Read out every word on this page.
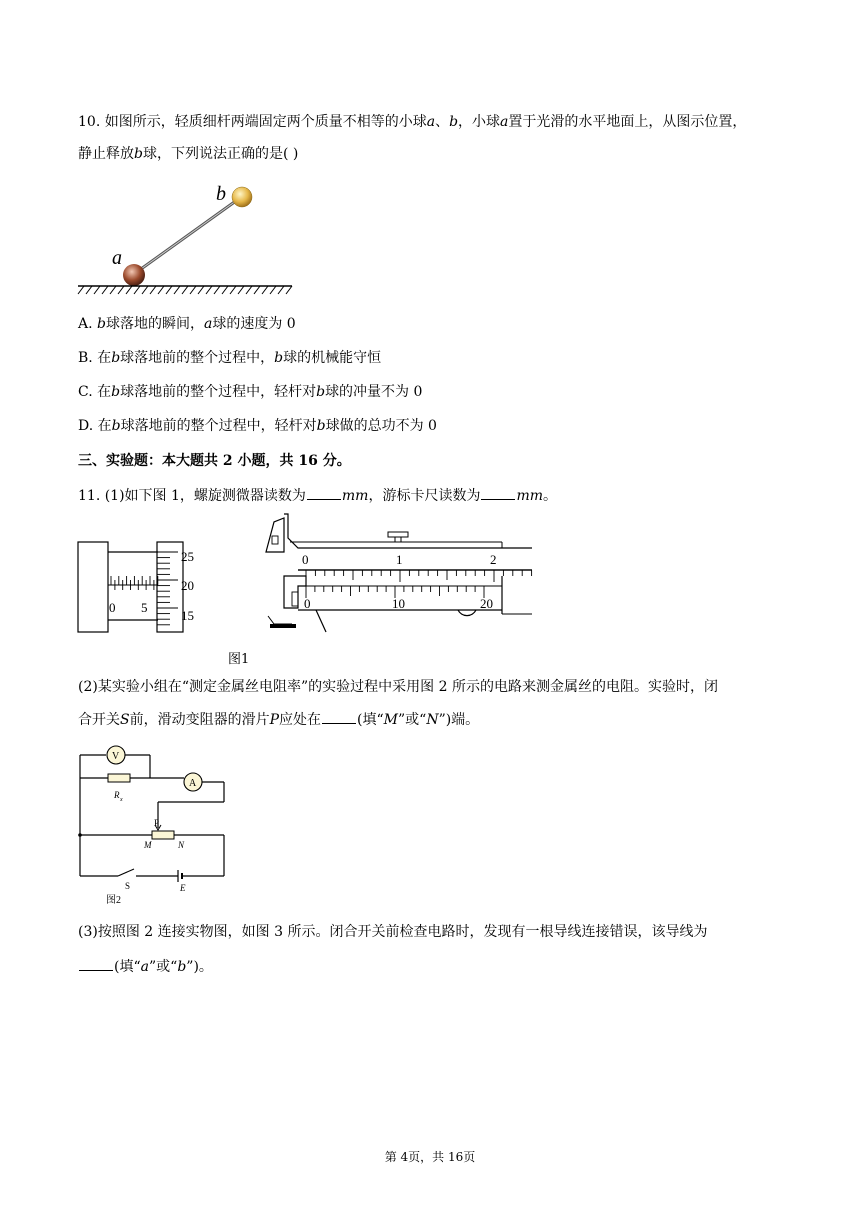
10. 如图所示，轻质细杆两端固定两个质量不相等的小球a、b，小球a置于光滑的水平地面上，从图示位置，
静止释放b球，下列说法正确的是( )
a
b
A. b球落地的瞬间，a球的速度为 0
B. 在b球落地前的整个过程中，b球的机械能守恒
C. 在b球落地前的整个过程中，轻杆对b球的冲量不为 0
D. 在b球落地前的整个过程中，轻杆对b球做的总功不为 0
三、实验题：本大题共 2 小题，共 16 分。
11. (1)如下图 1，螺旋测微器读数为	mm，游标卡尺读数为	mm。
0 5
25
20
15
0	1	2
0	10	20
图1
(2)某实验小组在“测定金属丝电阻率”的实验过程中采用图 2 所示的电路来测金属丝的电阻。实验时，闭
合开关S前，滑动变阻器的滑片P应处在	(填“M”或“N”)端。
V
R x
A
P
M	N
S	E
图2
(3)按照图 2 连接实物图，如图 3 所示。闭合开关前检查电路时，发现有一根导线连接错误，该导线为
(填“a”或“b”)。
第 4页，共 16页
